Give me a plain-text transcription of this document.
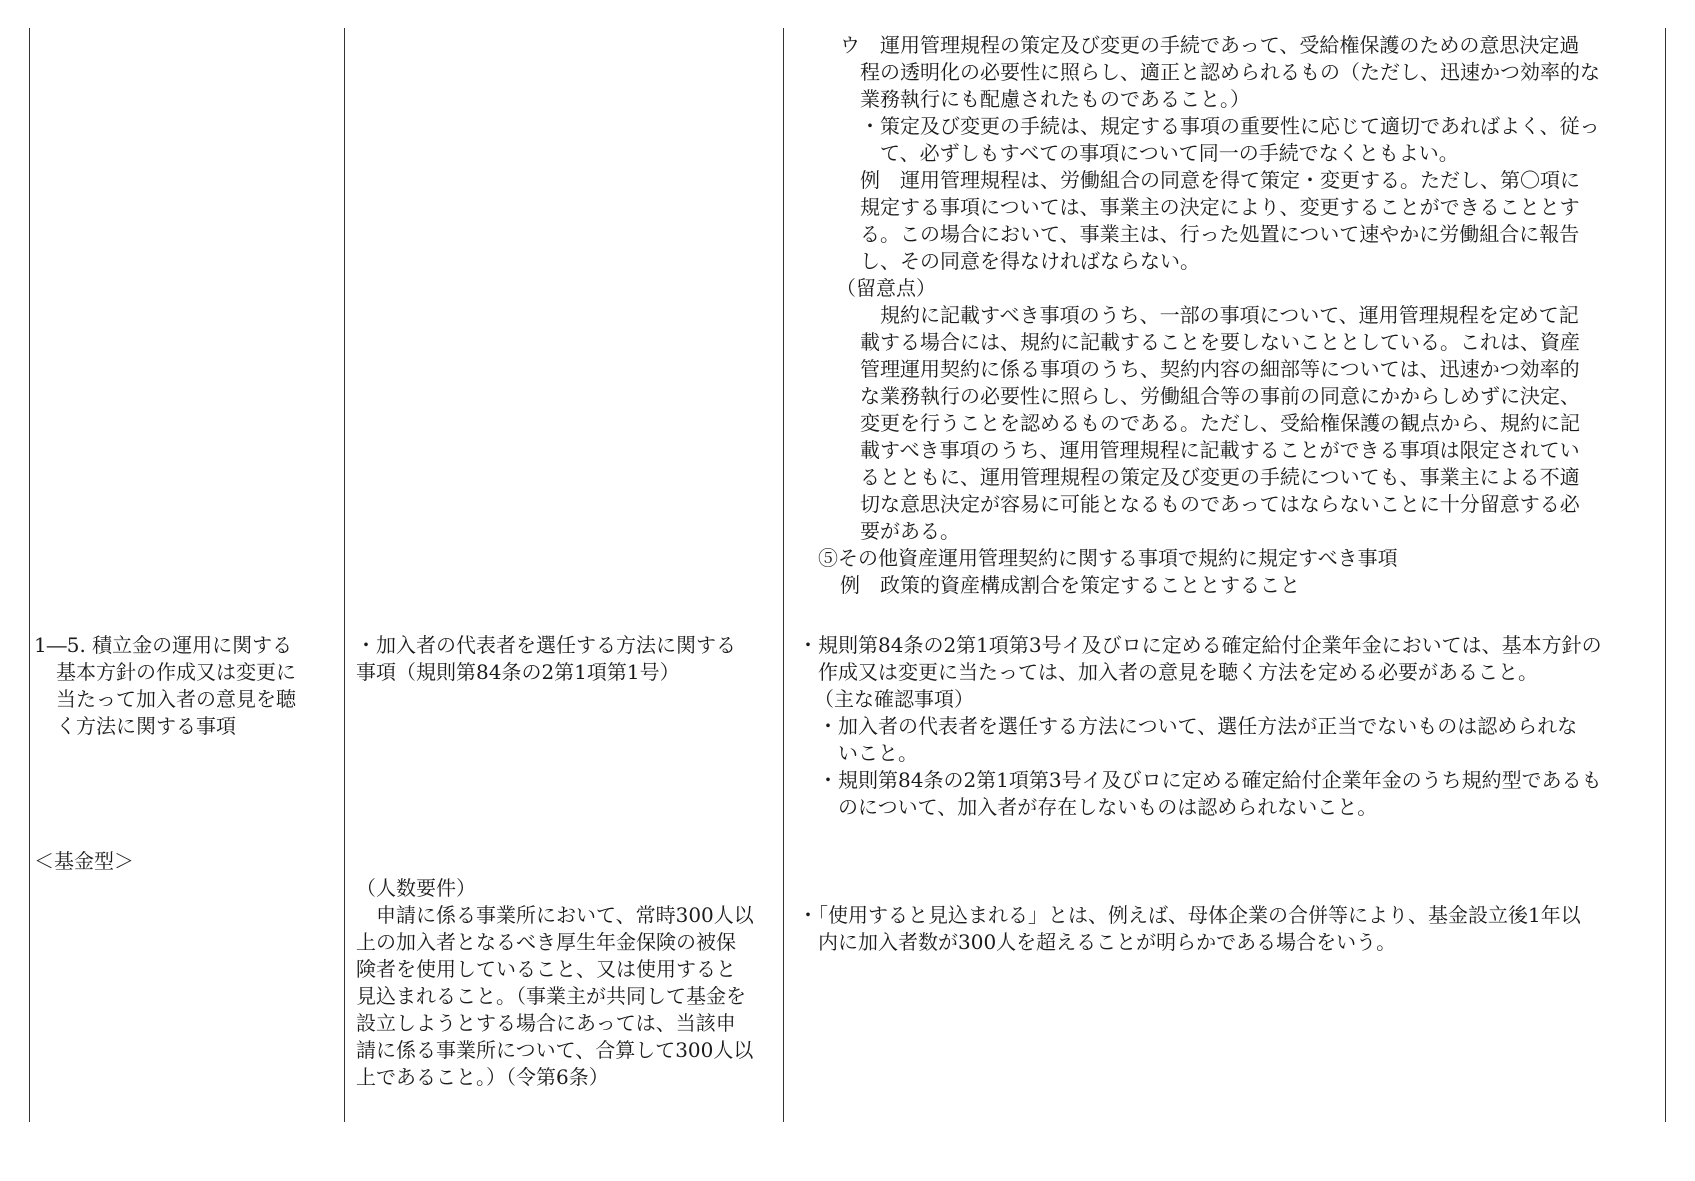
ウ　運用管理規程の策定及び変更の手続であって、受給権保護のための意思決定過
程の透明化の必要性に照らし、適正と認められるもの（ただし、迅速かつ効率的な
業務執行にも配慮されたものであること。）
・策定及び変更の手続は、規定する事項の重要性に応じて適切であればよく、従っ
て、必ずしもすべての事項について同一の手続でなくともよい。
例　運用管理規程は、労働組合の同意を得て策定・変更する。ただし、第〇項に
規定する事項については、事業主の決定により、変更することができることとす
る。この場合において、事業主は、行った処置について速やかに労働組合に報告
し、その同意を得なければならない。
（留意点）
　規約に記載すべき事項のうち、一部の事項について、運用管理規程を定めて記
載する場合には、規約に記載することを要しないこととしている。これは、資産
管理運用契約に係る事項のうち、契約内容の細部等については、迅速かつ効率的
な業務執行の必要性に照らし、労働組合等の事前の同意にかからしめずに決定、
変更を行うことを認めるものである。ただし、受給権保護の観点から、規約に記
載すべき事項のうち、運用管理規程に記載することができる事項は限定されてい
るとともに、運用管理規程の策定及び変更の手続についても、事業主による不適
切な意思決定が容易に可能となるものであってはならないことに十分留意する必
要がある。
⑤その他資産運用管理契約に関する事項で規約に規定すべき事項
例　政策的資産構成割合を策定することとすること
1―5. 積立金の運用に関する
基本方針の作成又は変更に
当たって加入者の意見を聴
く方法に関する事項
・加入者の代表者を選任する方法に関する
事項（規則第84条の2第1項第1号）
・規則第84条の2第1項第3号イ及びロに定める確定給付企業年金においては、基本方針の
作成又は変更に当たっては、加入者の意見を聴く方法を定める必要があること。
（主な確認事項）
・加入者の代表者を選任する方法について、選任方法が正当でないものは認められな
いこと。
・規則第84条の2第1項第3号イ及びロに定める確定給付企業年金のうち規約型であるも
のについて、加入者が存在しないものは認められないこと。
＜基金型＞
（人数要件）
　申請に係る事業所において、常時300人以
上の加入者となるべき厚生年金保険の被保
険者を使用していること、又は使用すると
見込まれること。（事業主が共同して基金を
設立しようとする場合にあっては、当該申
請に係る事業所について、合算して300人以
上であること。）（令第6条）
・「使用すると見込まれる」とは、例えば、母体企業の合併等により、基金設立後1年以
内に加入者数が300人を超えることが明らかである場合をいう。
